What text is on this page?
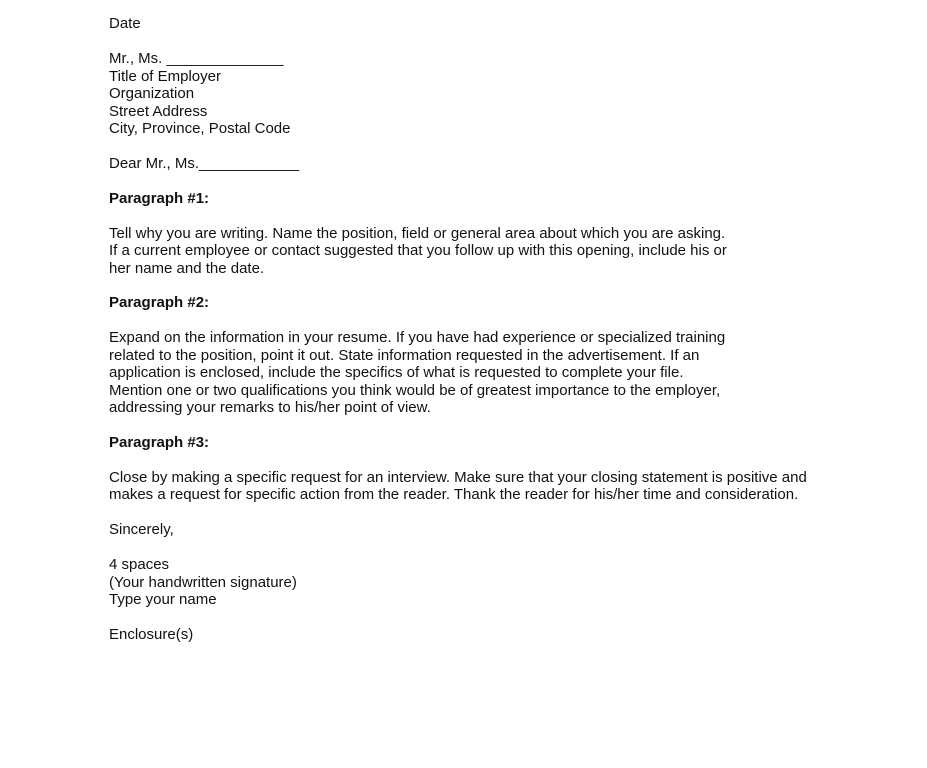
Date

Mr., Ms. ______________

Title of Employer

Organization

Street Address

City, Province, Postal Code

Dear Mr., Ms.____________

Paragraph #1:

Tell why you are writing. Name the position, field or general area about which you are asking.

If a current employee or contact suggested that you follow up with this opening, include his or

her name and the date.

Paragraph #2:

Expand on the information in your resume. If you have had experience or specialized training

related to the position, point it out. State information requested in the advertisement. If an

application is enclosed, include the specifics of what is requested to complete your file.

Mention one or two qualifications you think would be of greatest importance to the employer,

addressing your remarks to his/her point of view.

Paragraph #3:

Close by making a specific request for an interview. Make sure that your closing statement is positive and

makes a request for specific action from the reader. Thank the reader for his/her time and consideration.

Sincerely,

4 spaces

(Your handwritten signature)

Type your name

Enclosure(s)
